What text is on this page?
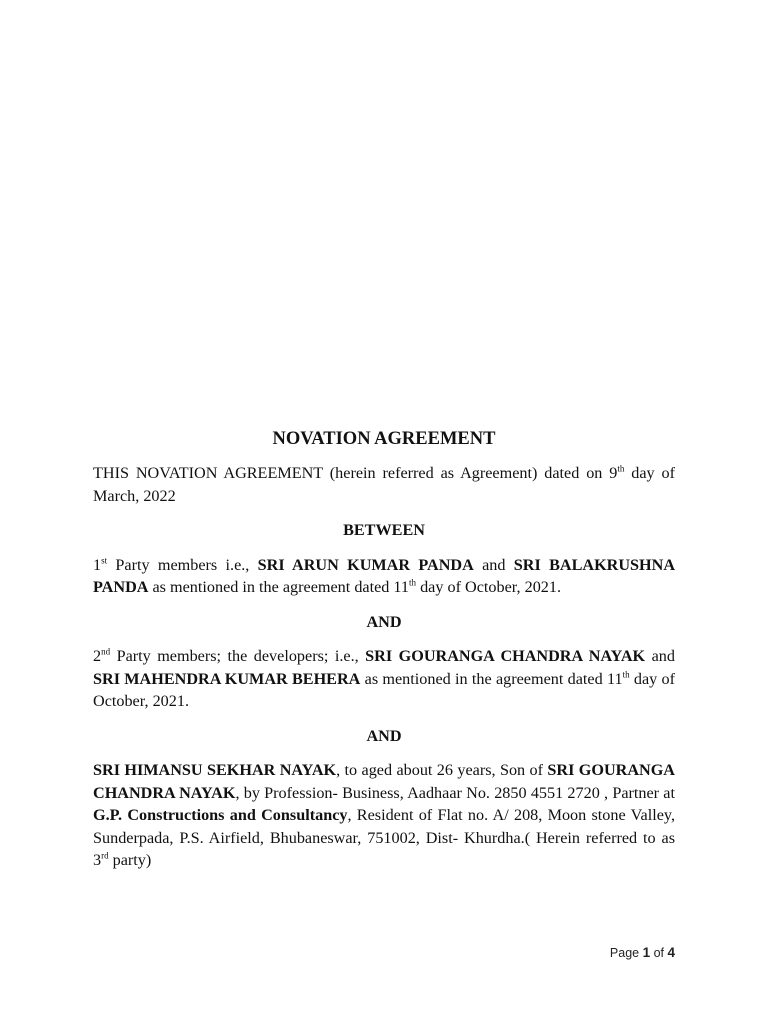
NOVATION AGREEMENT

THIS NOVATION AGREEMENT (herein referred as Agreement) dated on 9th day of March, 2022

BETWEEN

1st Party members i.e., SRI ARUN KUMAR PANDA and SRI BALAKRUSHNA PANDA as mentioned in the agreement dated 11th day of October, 2021.

AND

2nd Party members; the developers; i.e., SRI GOURANGA CHANDRA NAYAK and SRI MAHENDRA KUMAR BEHERA as mentioned in the agreement dated 11th day of October, 2021.

AND

SRI HIMANSU SEKHAR NAYAK, to aged about 26 years, Son of SRI GOURANGA CHANDRA NAYAK, by Profession- Business, Aadhaar No. 2850 4551 2720 , Partner at G.P. Constructions and Consultancy, Resident of Flat no. A/ 208, Moon stone Valley, Sunderpada, P.S. Airfield, Bhubaneswar, 751002, Dist- Khurdha.( Herein referred to as 3rd party)

Page 1 of 4
